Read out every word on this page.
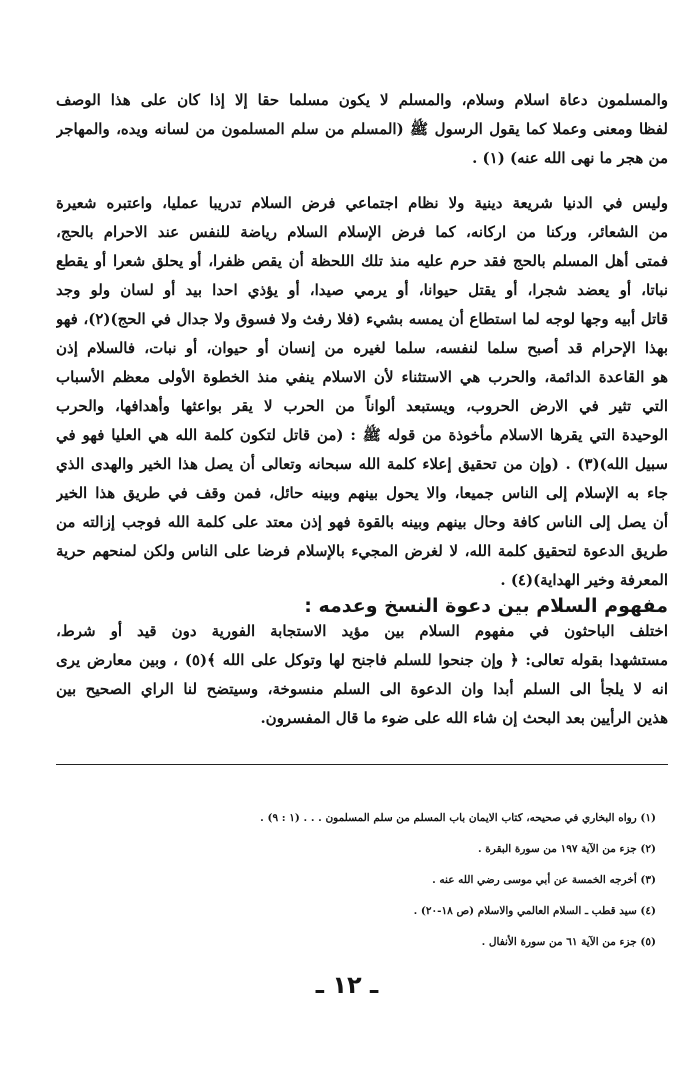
والمسلمون دعاة اسلام وسلام، والمسلم لا يكون مسلما حقا إلا إذا كان على هذا الوصف
لفظا ومعنى وعملا كما يقول الرسول ﷺ (المسلم من سلم المسلمون من لسانه ويده، والمهاجر
من هجر ما نهى الله عنه) (١) .
وليس في الدنيا شريعة دينية ولا نظام اجتماعي فرض السلام تدريبا عمليا، واعتبره شعيرة
من الشعائر، وركنا من اركانه، كما فرض الإسلام السلام رياضة للنفس عند الاحرام بالحج،
فمتى أهل المسلم بالحج فقد حرم عليه منذ تلك اللحظة أن يقص ظفرا، أو يحلق شعرا أو يقطع
نباتا، أو يعضد شجرا، أو يقتل حيوانا، أو يرمي صيدا، أو يؤذي احدا بيد أو لسان ولو وجد
قاتل أبيه وجها لوجه لما استطاع أن يمسه بشيء (فلا رفث ولا فسوق ولا جدال في الحج)(٢)، فهو
بهذا الإحرام قد أصبح سلما لنفسه، سلما لغيره من إنسان أو حيوان، أو نبات، فالسلام إذن
هو القاعدة الدائمة، والحرب هي الاستثناء لأن الاسلام ينفي منذ الخطوة الأولى معظم الأسباب
التي تثير في الارض الحروب، ويستبعد ألواناً من الحرب لا يقر بواعثها وأهدافها، والحرب
الوحيدة التي يقرها الاسلام مأخوذة من قوله ﷺ : (من قاتل لتكون كلمة الله هي العليا فهو في
سبيل الله)(٣) . (وإن من تحقيق إعلاء كلمة الله سبحانه وتعالى أن يصل هذا الخير والهدى الذي
جاء به الإسلام إلى الناس جميعا، والا يحول بينهم وبينه حائل، فمن وقف في طريق هذا الخير
أن يصل إلى الناس كافة وحال بينهم وبينه بالقوة فهو إذن معتد على كلمة الله فوجب إزالته من
طريق الدعوة لتحقيق كلمة الله، لا لغرض المجيء بالإسلام فرضا على الناس ولكن لمنحهم حرية
المعرفة وخير الهداية)(٤) .
مفهوم السلام بين دعوة النسخ وعدمه :
اختلف الباحثون في مفهوم السلام بين مؤيد الاستجابة الفورية دون قيد أو شرط،
مستشهدا بقوله تعالى: ﴿ وإن جنحوا للسلم فاجنح لها وتوكل على الله ﴾(٥) ، وبين معارض يرى
انه لا يلجأ الى السلم أبدا وان الدعوة الى السلم منسوخة، وسيتضح لنا الراي الصحيح بين
هذين الرأيين بعد البحث إن شاء الله على ضوء ما قال المفسرون.
(١) رواه البخاري في صحيحه، كتاب الايمان باب المسلم من سلم المسلمون . . . (١ : ٩) .
(٢) جزء من الآية ١٩٧ من سورة البقرة .
(٣) أخرجه الخمسة عن أبي موسى رضي الله عنه .
(٤) سيد قطب ـ السلام العالمي والاسلام (ص ١٨-٢٠) .
(٥) جزء من الآية ٦١ من سورة الأنفال .
ـ ١٢ ـ
